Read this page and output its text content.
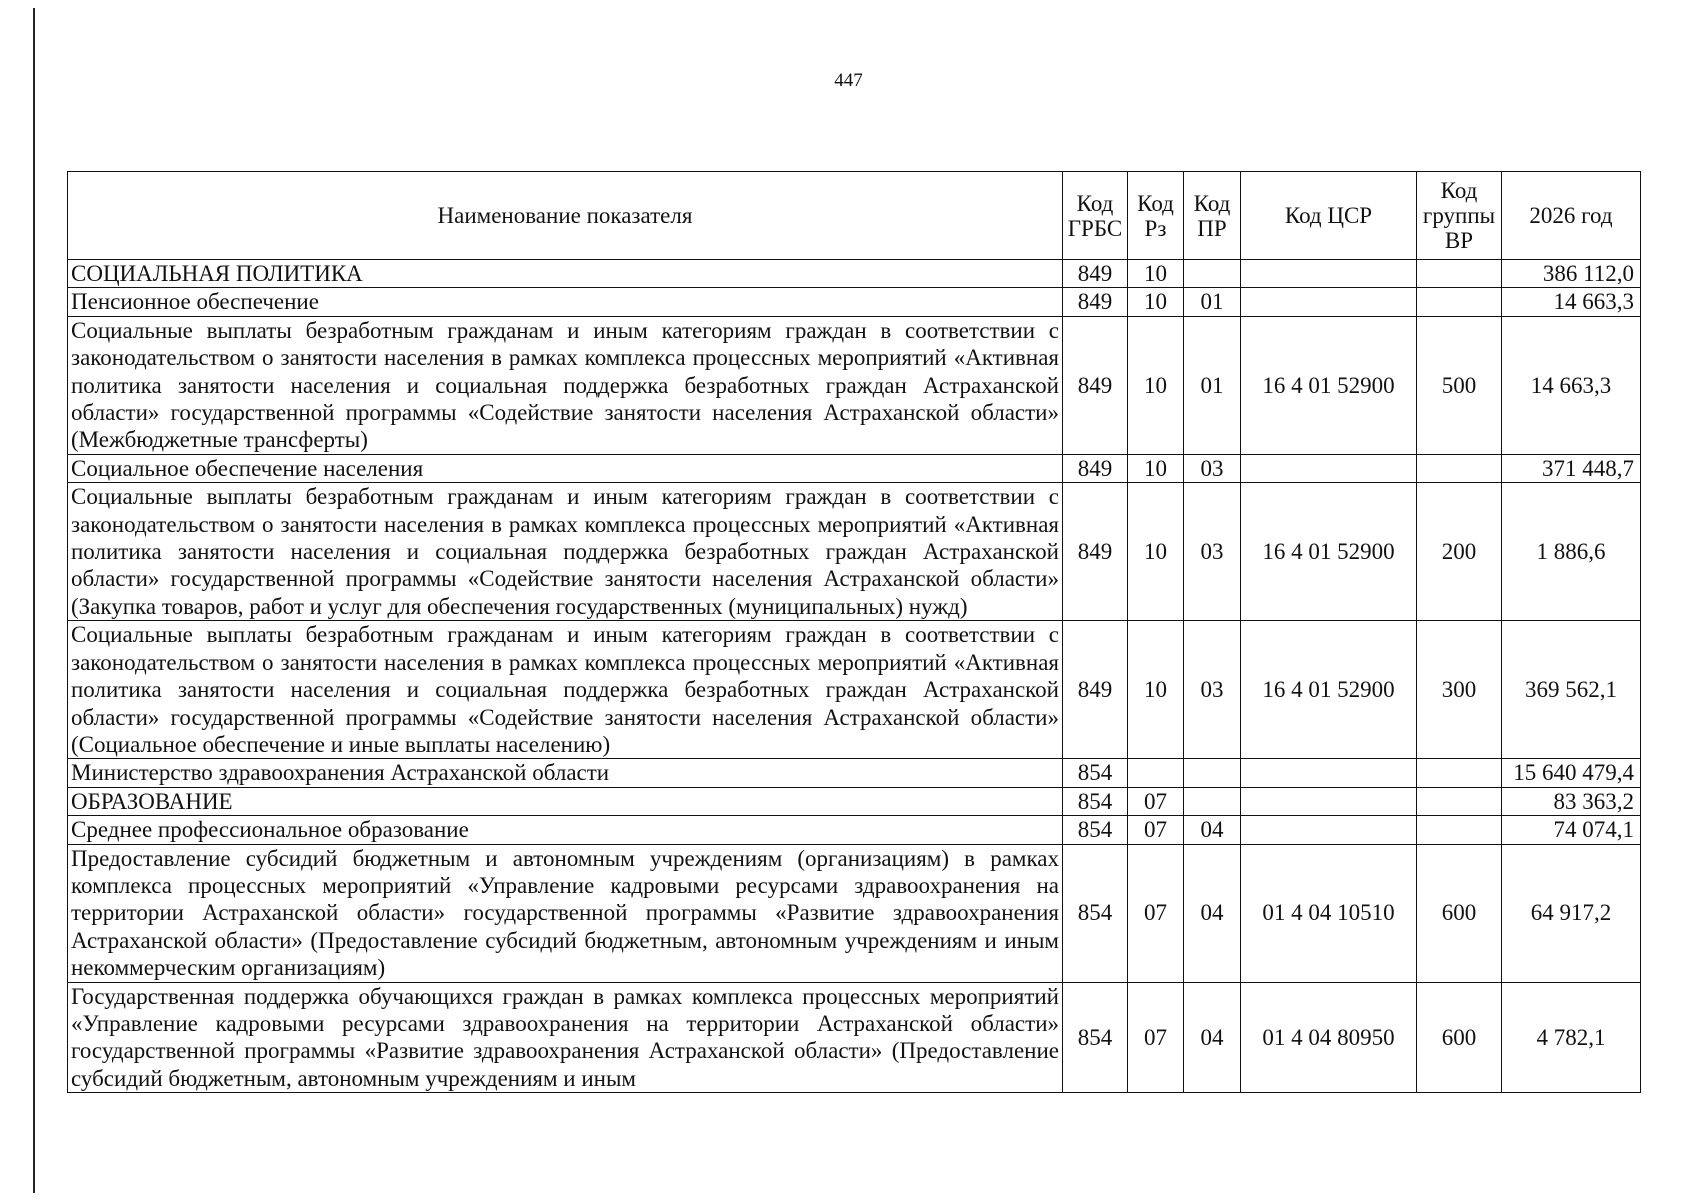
447
Наименование показателя	Код ГРБС	Код Рз	Код ПР	Код ЦСР	Код группы ВР	2026 год
СОЦИАЛЬНАЯ ПОЛИТИКА	849	10				386 112,0
Пенсионное обеспечение	849	10	01			14 663,3
Социальные выплаты безработным гражданам и иным категориям граждан в соответствии с законодательством о занятости населения в рамках комплекса процессных мероприятий «Активная политика занятости населения и социальная поддержка безработных граждан Астраханской области» государственной программы «Содействие занятости населения Астраханской области» (Межбюджетные трансферты)	849	10	01	16 4 01 52900	500	14 663,3
Социальное обеспечение населения	849	10	03			371 448,7
Социальные выплаты безработным гражданам и иным категориям граждан в соответствии с законодательством о занятости населения в рамках комплекса процессных мероприятий «Активная политика занятости населения и социальная поддержка безработных граждан Астраханской области» государственной программы «Содействие занятости населения Астраханской области» (Закупка товаров, работ и услуг для обеспечения государственных (муниципальных) нужд)	849	10	03	16 4 01 52900	200	1 886,6
Социальные выплаты безработным гражданам и иным категориям граждан в соответствии с законодательством о занятости населения в рамках комплекса процессных мероприятий «Активная политика занятости населения и социальная поддержка безработных граждан Астраханской области» государственной программы «Содействие занятости населения Астраханской области» (Социальное обеспечение и иные выплаты населению)	849	10	03	16 4 01 52900	300	369 562,1
Министерство здравоохранения Астраханской области	854					15 640 479,4
ОБРАЗОВАНИЕ	854	07				83 363,2
Среднее профессиональное образование	854	07	04			74 074,1
Предоставление субсидий бюджетным и автономным учреждениям (организациям) в рамках комплекса процессных мероприятий «Управление кадровыми ресурсами здравоохранения на территории Астраханской области» государственной программы «Развитие здравоохранения Астраханской области» (Предоставление субсидий бюджетным, автономным учреждениям и иным некоммерческим организациям)	854	07	04	01 4 04 10510	600	64 917,2
Государственная поддержка обучающихся граждан в рамках комплекса процессных мероприятий «Управление кадровыми ресурсами здравоохранения на территории Астраханской области» государственной программы «Развитие здравоохранения Астраханской области» (Предоставление субсидий бюджетным, автономным учреждениям и иным	854	07	04	01 4 04 80950	600	4 782,1
